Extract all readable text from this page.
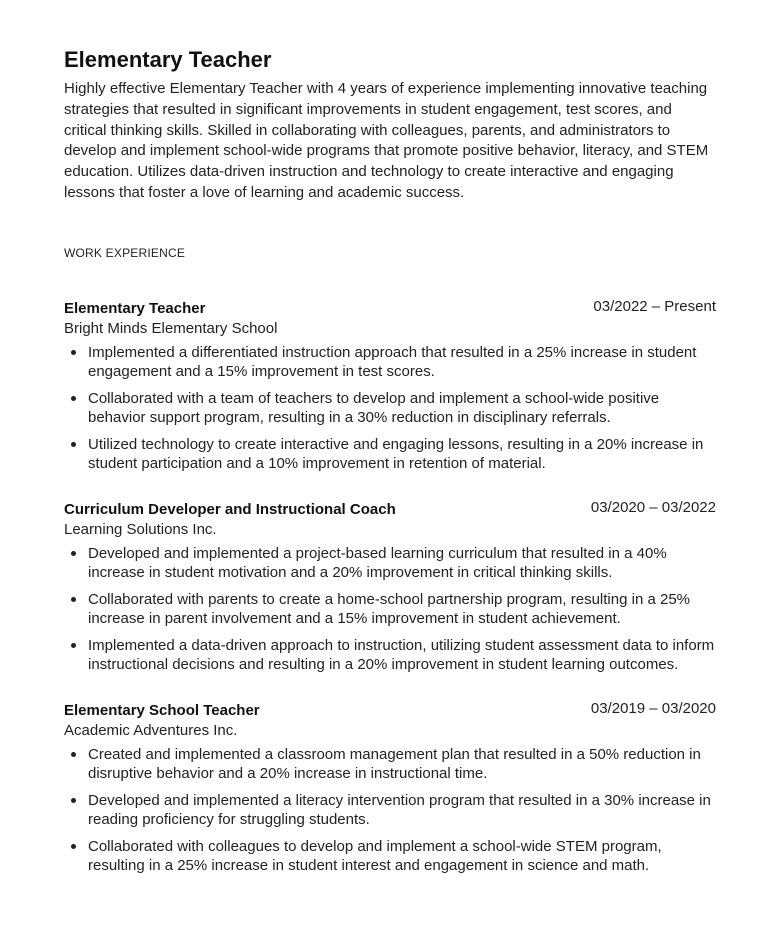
Elementary Teacher

Highly effective Elementary Teacher with 4 years of experience implementing innovative teaching strategies that resulted in significant improvements in student engagement, test scores, and critical thinking skills. Skilled in collaborating with colleagues, parents, and administrators to develop and implement school-wide programs that promote positive behavior, literacy, and STEM education. Utilizes data-driven instruction and technology to create interactive and engaging lessons that foster a love of learning and academic success.

WORK EXPERIENCE
Elementary Teacher	03/2022 – Present
Bright Minds Elementary School
Implemented a differentiated instruction approach that resulted in a 25% increase in student engagement and a 15% improvement in test scores.
Collaborated with a team of teachers to develop and implement a school-wide positive behavior support program, resulting in a 30% reduction in disciplinary referrals.
Utilized technology to create interactive and engaging lessons, resulting in a 20% increase in student participation and a 10% improvement in retention of material.
Curriculum Developer and Instructional Coach	03/2020 – 03/2022
Learning Solutions Inc.
Developed and implemented a project-based learning curriculum that resulted in a 40% increase in student motivation and a 20% improvement in critical thinking skills.
Collaborated with parents to create a home-school partnership program, resulting in a 25% increase in parent involvement and a 15% improvement in student achievement.
Implemented a data-driven approach to instruction, utilizing student assessment data to inform instructional decisions and resulting in a 20% improvement in student learning outcomes.
Elementary School Teacher	03/2019 – 03/2020
Academic Adventures Inc.
Created and implemented a classroom management plan that resulted in a 50% reduction in disruptive behavior and a 20% increase in instructional time.
Developed and implemented a literacy intervention program that resulted in a 30% increase in reading proficiency for struggling students.
Collaborated with colleagues to develop and implement a school-wide STEM program, resulting in a 25% increase in student interest and engagement in science and math.
